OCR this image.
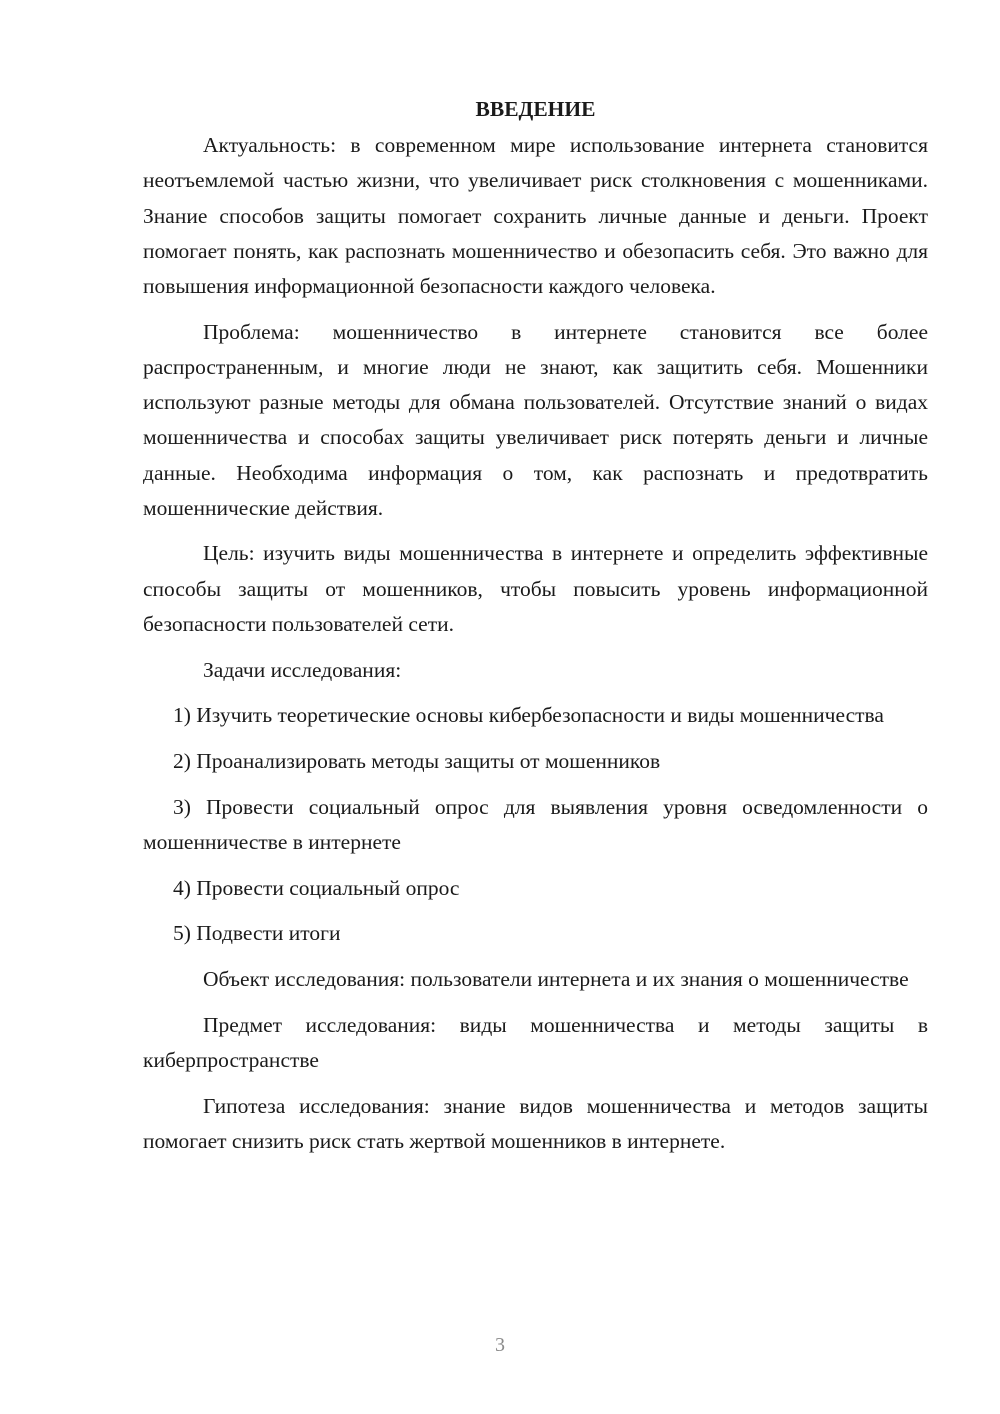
ВВЕДЕНИЕ

Актуальность: в современном мире использование интернета становится неотъемлемой частью жизни, что увеличивает риск столкновения с мошенниками. Знание способов защиты помогает сохранить личные данные и деньги. Проект помогает понять, как распознать мошенничество и обезопасить себя. Это важно для повышения информационной безопасности каждого человека.

Проблема: мошенничество в интернете становится все более распространенным, и многие люди не знают, как защитить себя. Мошенники используют разные методы для обмана пользователей. Отсутствие знаний о видах мошенничества и способах защиты увеличивает риск потерять деньги и личные данные. Необходима информация о том, как распознать и предотвратить мошеннические действия.

Цель: изучить виды мошенничества в интернете и определить эффективные способы защиты от мошенников, чтобы повысить уровень информационной безопасности пользователей сети.

Задачи исследования:

1) Изучить теоретические основы кибербезопасности и виды мошенничества

2) Проанализировать методы защиты от мошенников

3) Провести социальный опрос для выявления уровня осведомленности о мошенничестве в интернете

4) Провести социальный опрос

5) Подвести итоги

Объект исследования: пользователи интернета и их знания о мошенничестве

Предмет исследования: виды мошенничества и методы защиты в киберпространстве

Гипотеза исследования: знание видов мошенничества и методов защиты помогает снизить риск стать жертвой мошенников в интернете.

3
